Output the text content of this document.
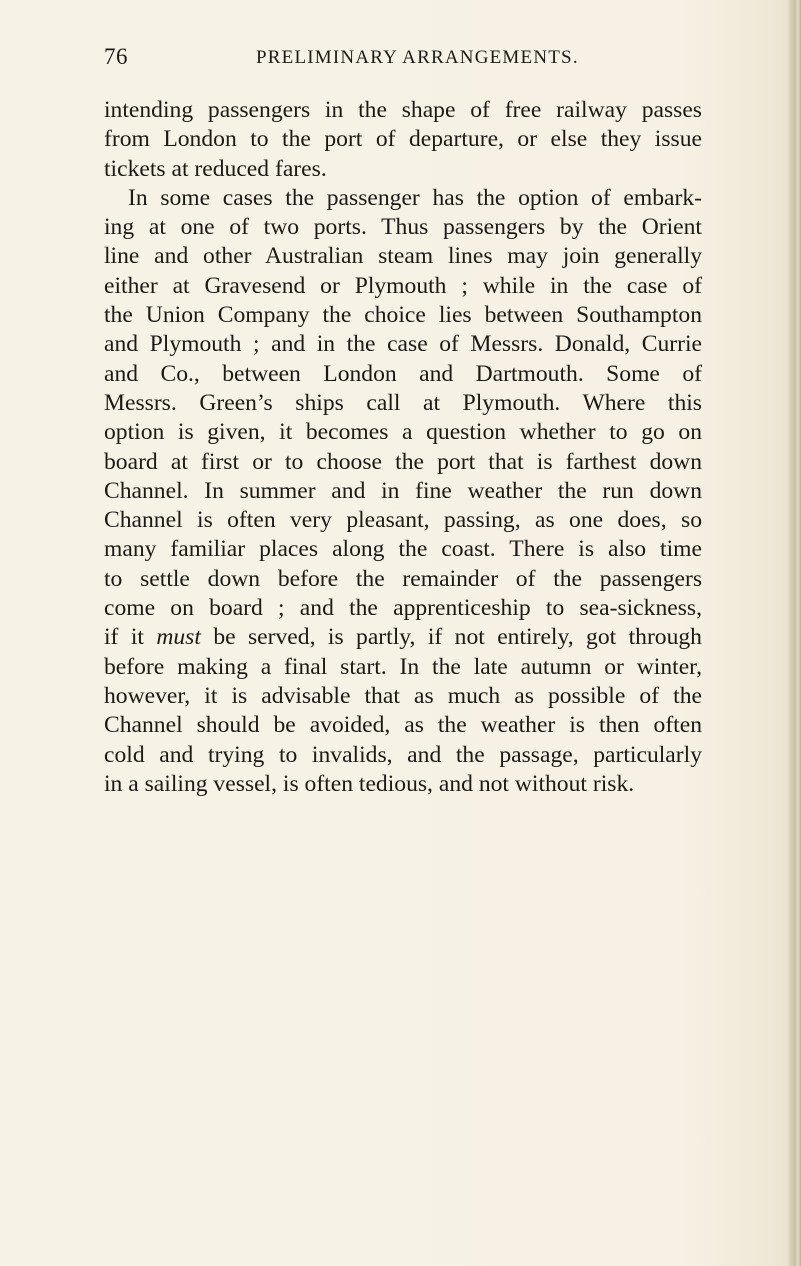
76	PRELIMINARY ARRANGEMENTS.
intending passengers in the shape of free railway passes
from London to the port of departure, or else they issue
tickets at reduced fares.
In some cases the passenger has the option of embark-
ing at one of two ports. Thus passengers by the Orient
line and other Australian steam lines may join generally
either at Gravesend or Plymouth ; while in the case of
the Union Company the choice lies between Southampton
and Plymouth ; and in the case of Messrs. Donald, Currie
and Co., between London and Dartmouth. Some of
Messrs. Green’s ships call at Plymouth. Where this
option is given, it becomes a question whether to go on
board at first or to choose the port that is farthest down
Channel. In summer and in fine weather the run down
Channel is often very pleasant, passing, as one does, so
many familiar places along the coast. There is also time
to settle down before the remainder of the passengers
come on board ; and the apprenticeship to sea-sickness,
if it must be served, is partly, if not entirely, got through
before making a final start. In the late autumn or winter,
however, it is advisable that as much as possible of the
Channel should be avoided, as the weather is then often
cold and trying to invalids, and the passage, particularly
in a sailing vessel, is often tedious, and not without risk.
